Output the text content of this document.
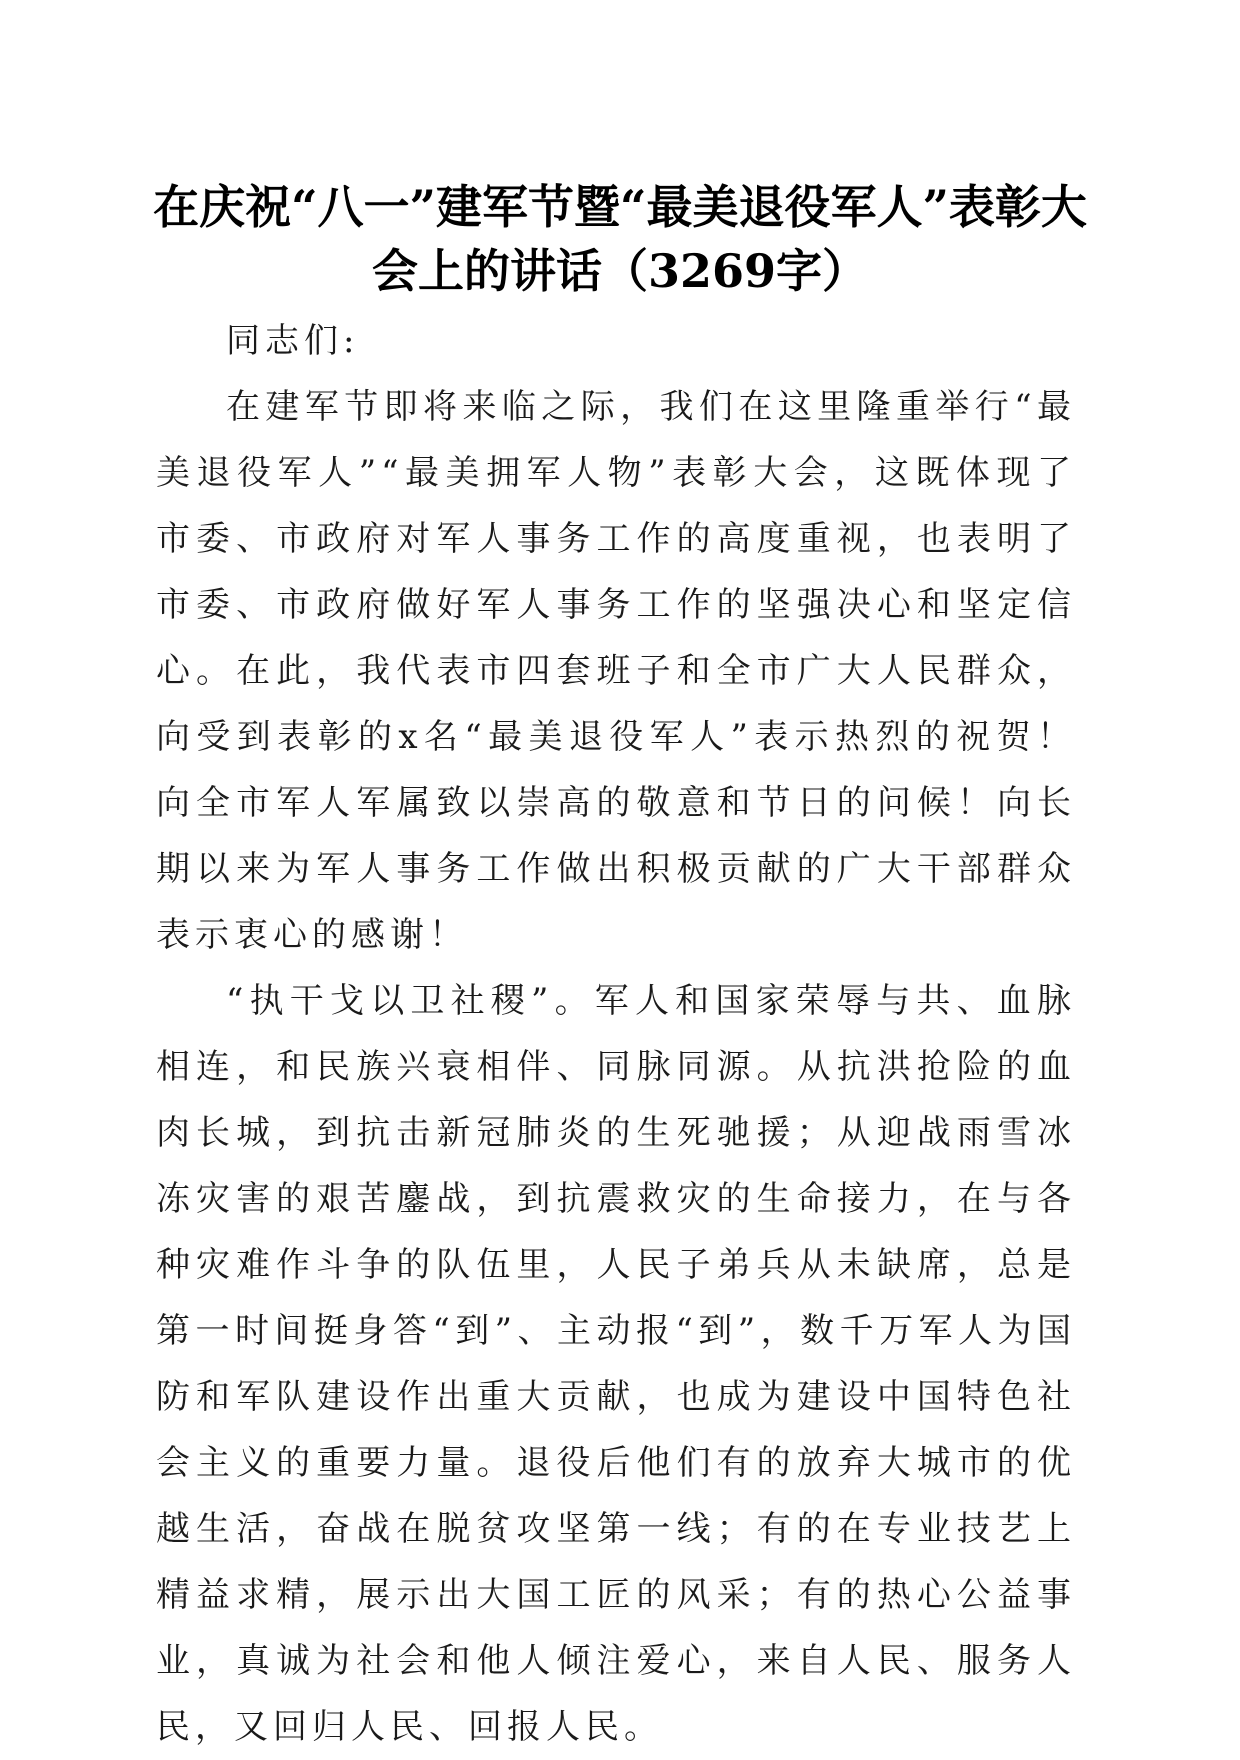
在庆祝“八一”建军节暨“最美退役军人”表彰大会上的讲话（3269字）

同志们:

在建军节即将来临之际，我们在这里隆重举行“最美退役军人”“最美拥军人物”表彰大会，这既体现了市委、市政府对军人事务工作的高度重视，也表明了市委、市政府做好军人事务工作的坚强决心和坚定信心。在此，我代表市四套班子和全市广大人民群众，向受到表彰的x名“最美退役军人”表示热烈的祝贺！向全市军人军属致以崇高的敬意和节日的问候！向长期以来为军人事务工作做出积极贡献的广大干部群众表示衷心的感谢！

“执干戈以卫社稷”。军人和国家荣辱与共、血脉相连，和民族兴衰相伴、同脉同源。从抗洪抢险的血肉长城，到抗击新冠肺炎的生死驰援；从迎战雨雪冰冻灾害的艰苦鏖战，到抗震救灾的生命接力，在与各种灾难作斗争的队伍里，人民子弟兵从未缺席，总是第一时间挺身答“到”、主动报“到”，数千万军人为国防和军队建设作出重大贡献，也成为建设中国特色社会主义的重要力量。退役后他们有的放弃大城市的优越生活，奋战在脱贫攻坚第一线；有的在专业技艺上精益求精，展示出大国工匠的风采；有的热心公益事业，真诚为社会和他人倾注爱心，来自人民、服务人民，又回归人民、回报人民。
